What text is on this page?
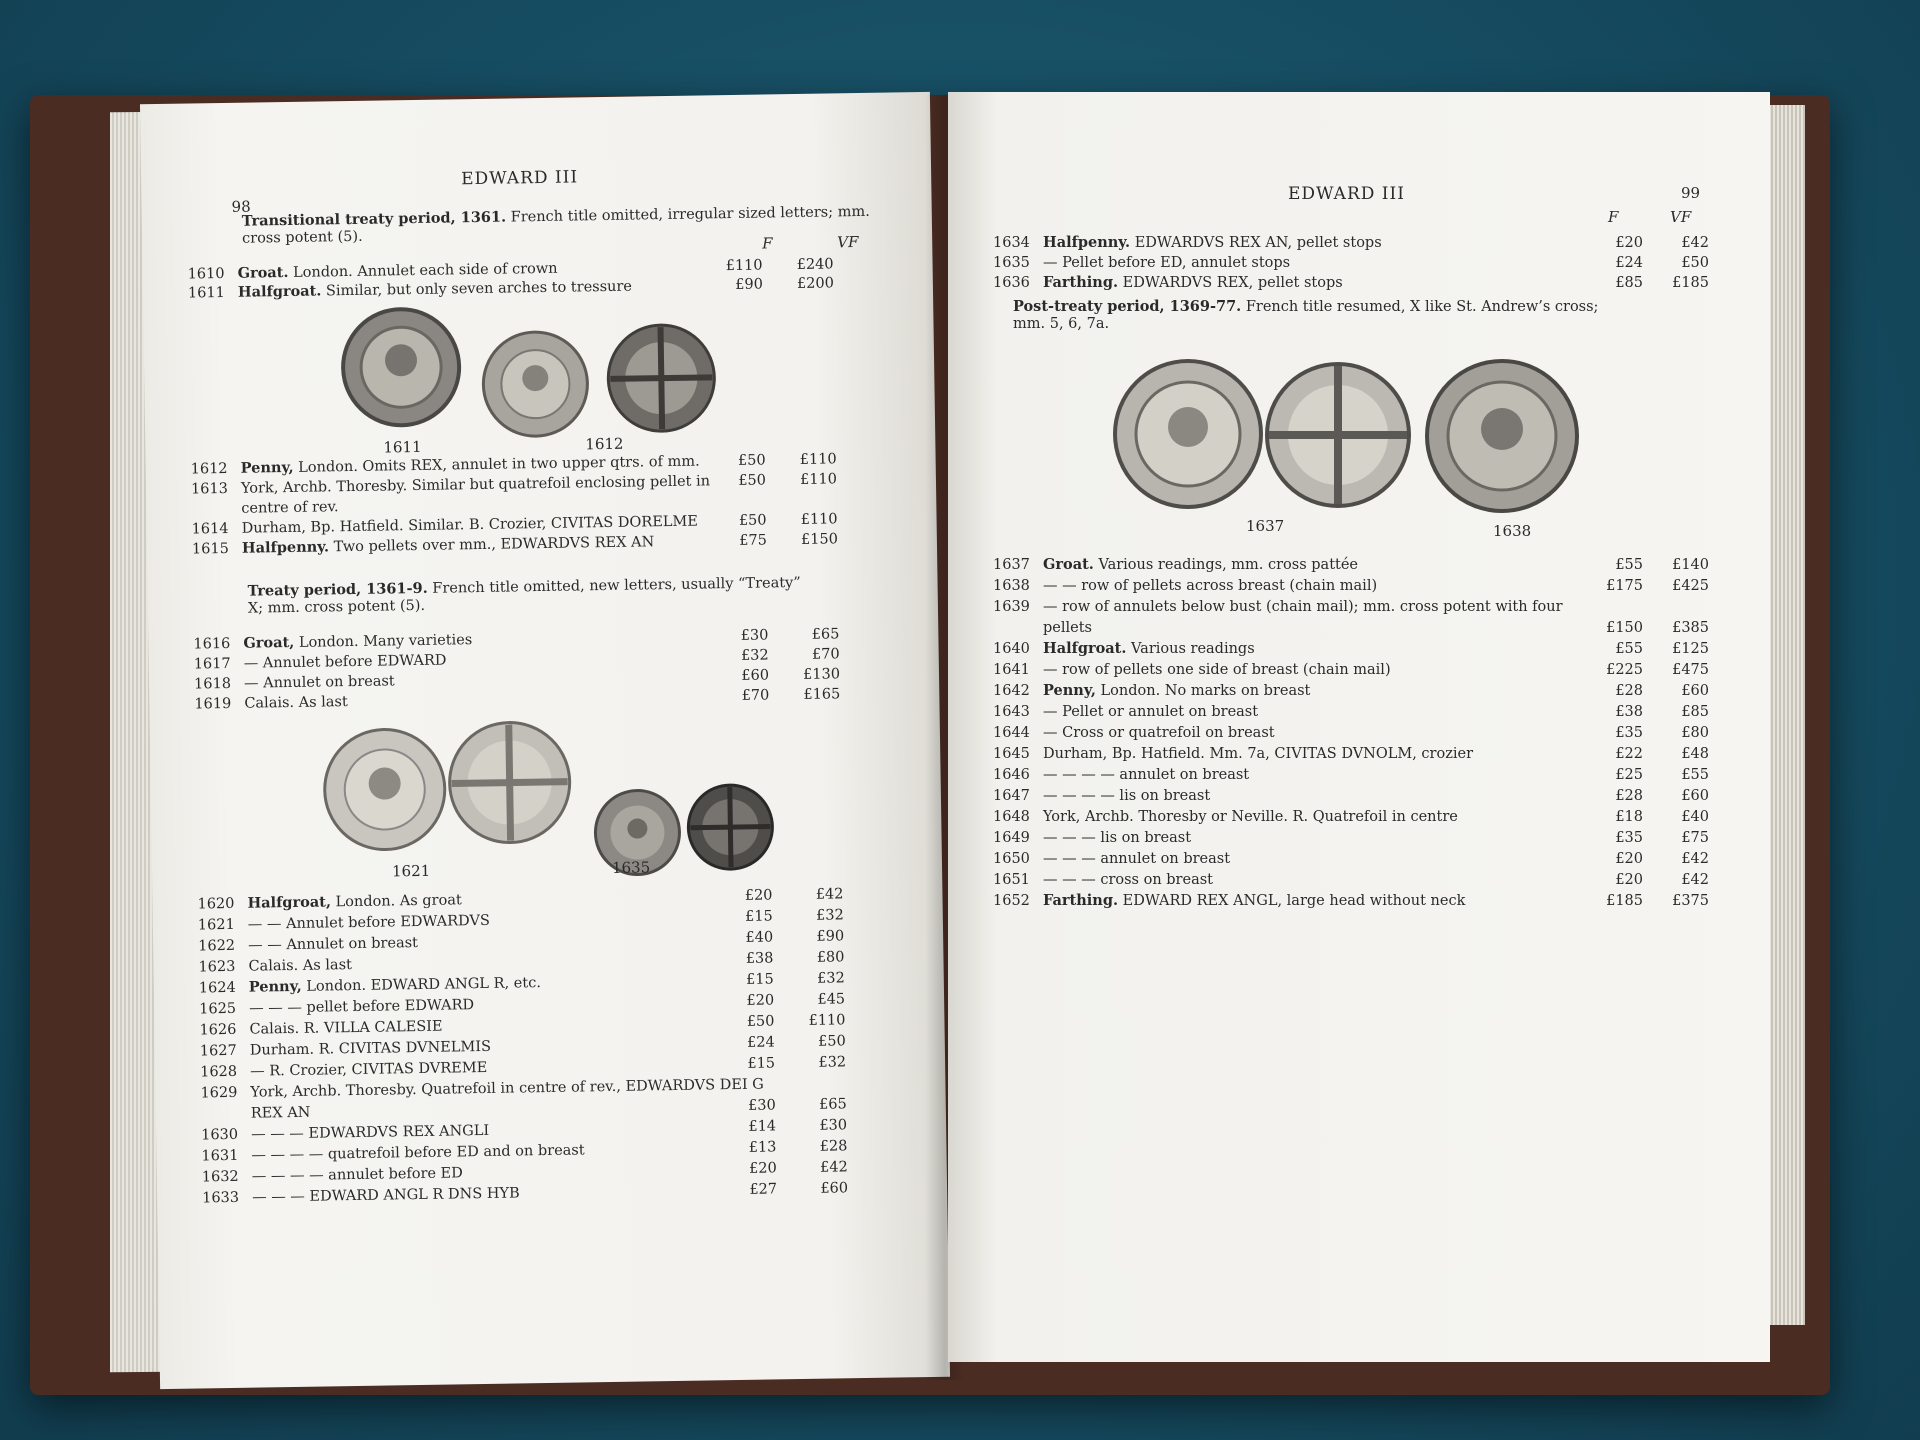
98
EDWARD III
Transitional treaty period, 1361. French title omitted, irregular sized letters; mm. cross potent (5).	F	VF
1610 Groat. London. Annulet each side of crown	£110	£240
1611 Halfgroat. Similar, but only seven arches to tressure	£90	£200
1611	1612
1612 Penny, London. Omits REX, annulet in two upper qtrs. of mm.	£50	£110
1613 York, Archb. Thoresby. Similar but quatrefoil enclosing pellet in	£50	£110
centre of rev.
1614 Durham, Bp. Hatfield. Similar. B. Crozier, CIVITAS DORELME	£50	£110
1615 Halfpenny. Two pellets over mm., EDWARDVS REX AN	£75	£150
Treaty period, 1361-9. French title omitted, new letters, usually “Treaty” X; mm. cross potent (5).
1616 Groat, London. Many varieties	£30	£65
1617 — Annulet before EDWARD	£32	£70
1618 — Annulet on breast	£60	£130
1619 Calais. As last	£70	£165
1621	1635
1620 Halfgroat, London. As groat	£20	£42
1621 — — Annulet before EDWARDVS	£15	£32
1622 — — Annulet on breast	£40	£90
1623 Calais. As last	£38	£80
1624 Penny, London. EDWARD ANGL R, etc.	£15	£32
1625 — — — pellet before EDWARD	£20	£45
1626 Calais. R. VILLA CALESIE	£50	£110
1627 Durham. R. CIVITAS DVNELMIS	£24	£50
1628 — R. Crozier, CIVITAS DVREME	£15	£32
1629 York, Archb. Thoresby. Quatrefoil in centre of rev., EDWARDVS DEI G
REX AN	£30	£65
1630 — — — EDWARDVS REX ANGLI	£14	£30
1631 — — — — quatrefoil before ED and on breast	£13	£28
1632 — — — — annulet before ED	£20	£42
1633 — — — EDWARD ANGL R DNS HYB	£27	£60
EDWARD III	99
F	VF
1634 Halfpenny. EDWARDVS REX AN, pellet stops	£20	£42
1635 — Pellet before ED, annulet stops	£24	£50
1636 Farthing. EDWARDVS REX, pellet stops	£85	£185
Post-treaty period, 1369-77. French title resumed, X like St. Andrew’s cross; mm. 5, 6, 7a.
1637	1638
1637 Groat. Various readings, mm. cross pattée	£55	£140
1638 — — row of pellets across breast (chain mail)	£175	£425
1639 — row of annulets below bust (chain mail); mm. cross potent with four
pellets	£150	£385
1640 Halfgroat. Various readings	£55	£125
1641 — row of pellets one side of breast (chain mail)	£225	£475
1642 Penny, London. No marks on breast	£28	£60
1643 — Pellet or annulet on breast	£38	£85
1644 — Cross or quatrefoil on breast	£35	£80
1645 Durham, Bp. Hatfield. Mm. 7a, CIVITAS DVNOLM, crozier	£22	£48
1646 — — — — annulet on breast	£25	£55
1647 — — — — lis on breast	£28	£60
1648 York, Archb. Thoresby or Neville. R. Quatrefoil in centre	£18	£40
1649 — — — lis on breast	£35	£75
1650 — — — annulet on breast	£20	£42
1651 — — — cross on breast	£20	£42
1652 Farthing. EDWARD REX ANGL, large head without neck	£185	£375
